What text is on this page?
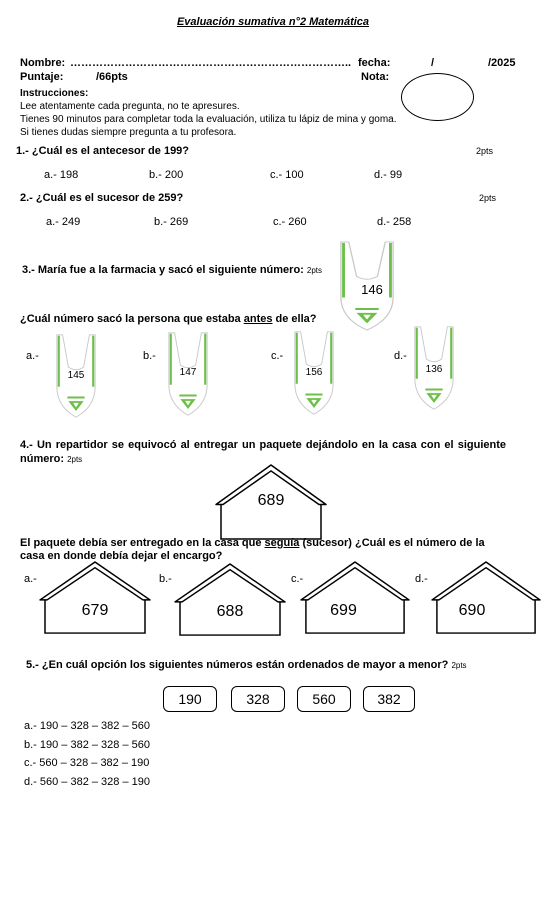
Evaluación sumativa n°2 Matemática
Nombre: ………………………………………………………………….. fecha:	/	/2025
Puntaje:	/66pts	Nota:
Instrucciones:
Lee atentamente cada pregunta, no te apresures.
Tienes 90 minutos para completar toda la evaluación, utiliza tu lápiz de mina y goma.
Si tienes dudas siempre pregunta a tu profesora.
1.- ¿Cuál es el antecesor de 199?	2pts
a.- 198	b.- 200	c.- 100	d.- 99
2.- ¿Cuál es el sucesor de 259?	2pts
a.- 249	b.- 269	c.- 260	d.- 258
3.- María fue a la farmacia y sacó el siguiente número: 2pts
146
¿Cuál número sacó la persona que estaba antes de ella?
a.-
145
b.-
147
c.-
156
d.-
136
4.- Un repartidor se equivocó al entregar un paquete dejándolo en la casa con el siguiente número: 2pts
689
El paquete debía ser entregado en la casa que seguía (sucesor) ¿Cuál es el número de la casa en donde debía dejar el encargo?
a.-
679
b.-
688
c.-
699
d.-
690
5.- ¿En cuál opción los siguientes números están ordenados de mayor a menor? 2pts
190	328	560	382
a.- 190 – 328 – 382 – 560
b.- 190 – 382 – 328 – 560
c.- 560 – 328 – 382 – 190
d.- 560 – 382 – 328 – 190
